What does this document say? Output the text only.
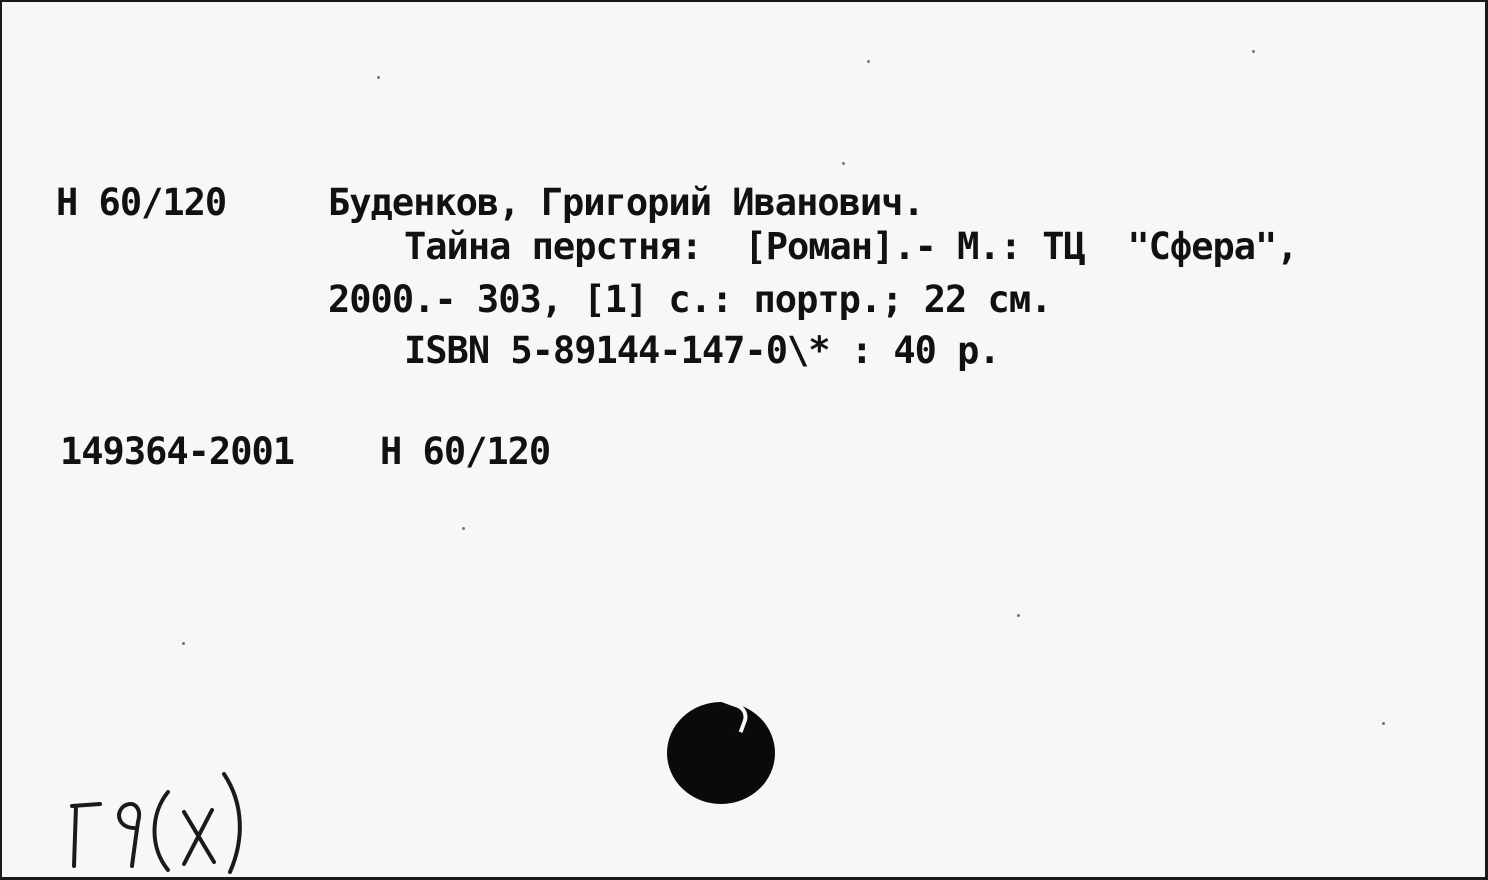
Н 60/120	Буденков, Григорий Иванович.
Тайна перстня:  [Роман].- М.: ТЦ  "Сфера",
2000.- 303, [1] с.: портр.; 22 см.
ISBN 5-89144-147-0\* : 40 р.
149364-2001 Н 60/120
